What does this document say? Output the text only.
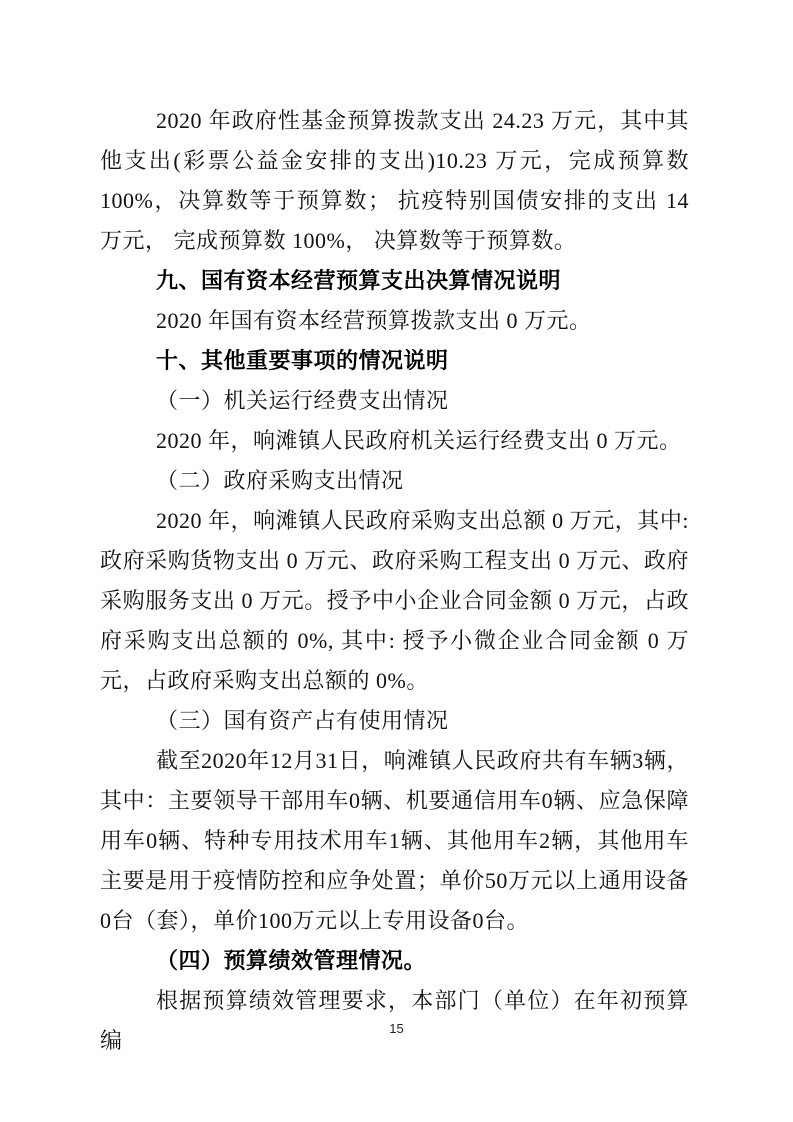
2020 年政府性基金预算拨款支出 24.23 万元，其中其他支出(彩票公益金安排的支出)10.23 万元，完成预算数 100%，决算数等于预算数； 抗疫特别国债安排的支出 14 万元， 完成预算数 100%， 决算数等于预算数。

九、国有资本经营预算支出决算情况说明

2020 年国有资本经营预算拨款支出 0 万元。

十、其他重要事项的情况说明

（一）机关运行经费支出情况

2020 年，响滩镇人民政府机关运行经费支出 0 万元。

（二）政府采购支出情况

2020 年，响滩镇人民政府采购支出总额 0 万元，其中:政府采购货物支出 0 万元、政府采购工程支出 0 万元、政府采购服务支出 0 万元。授予中小企业合同金额 0 万元，占政府采购支出总额的 0%, 其中: 授予小微企业合同金额 0 万元，占政府采购支出总额的 0%。

（三）国有资产占有使用情况

截至2020年12月31日，响滩镇人民政府共有车辆3辆，其中：主要领导干部用车0辆、机要通信用车0辆、应急保障用车0辆、特种专用技术用车1辆、其他用车2辆，其他用车主要是用于疫情防控和应争处置；单价50万元以上通用设备0台（套），单价100万元以上专用设备0台。

（四）预算绩效管理情况。

根据预算绩效管理要求，本部门（单位）在年初预算编	15
